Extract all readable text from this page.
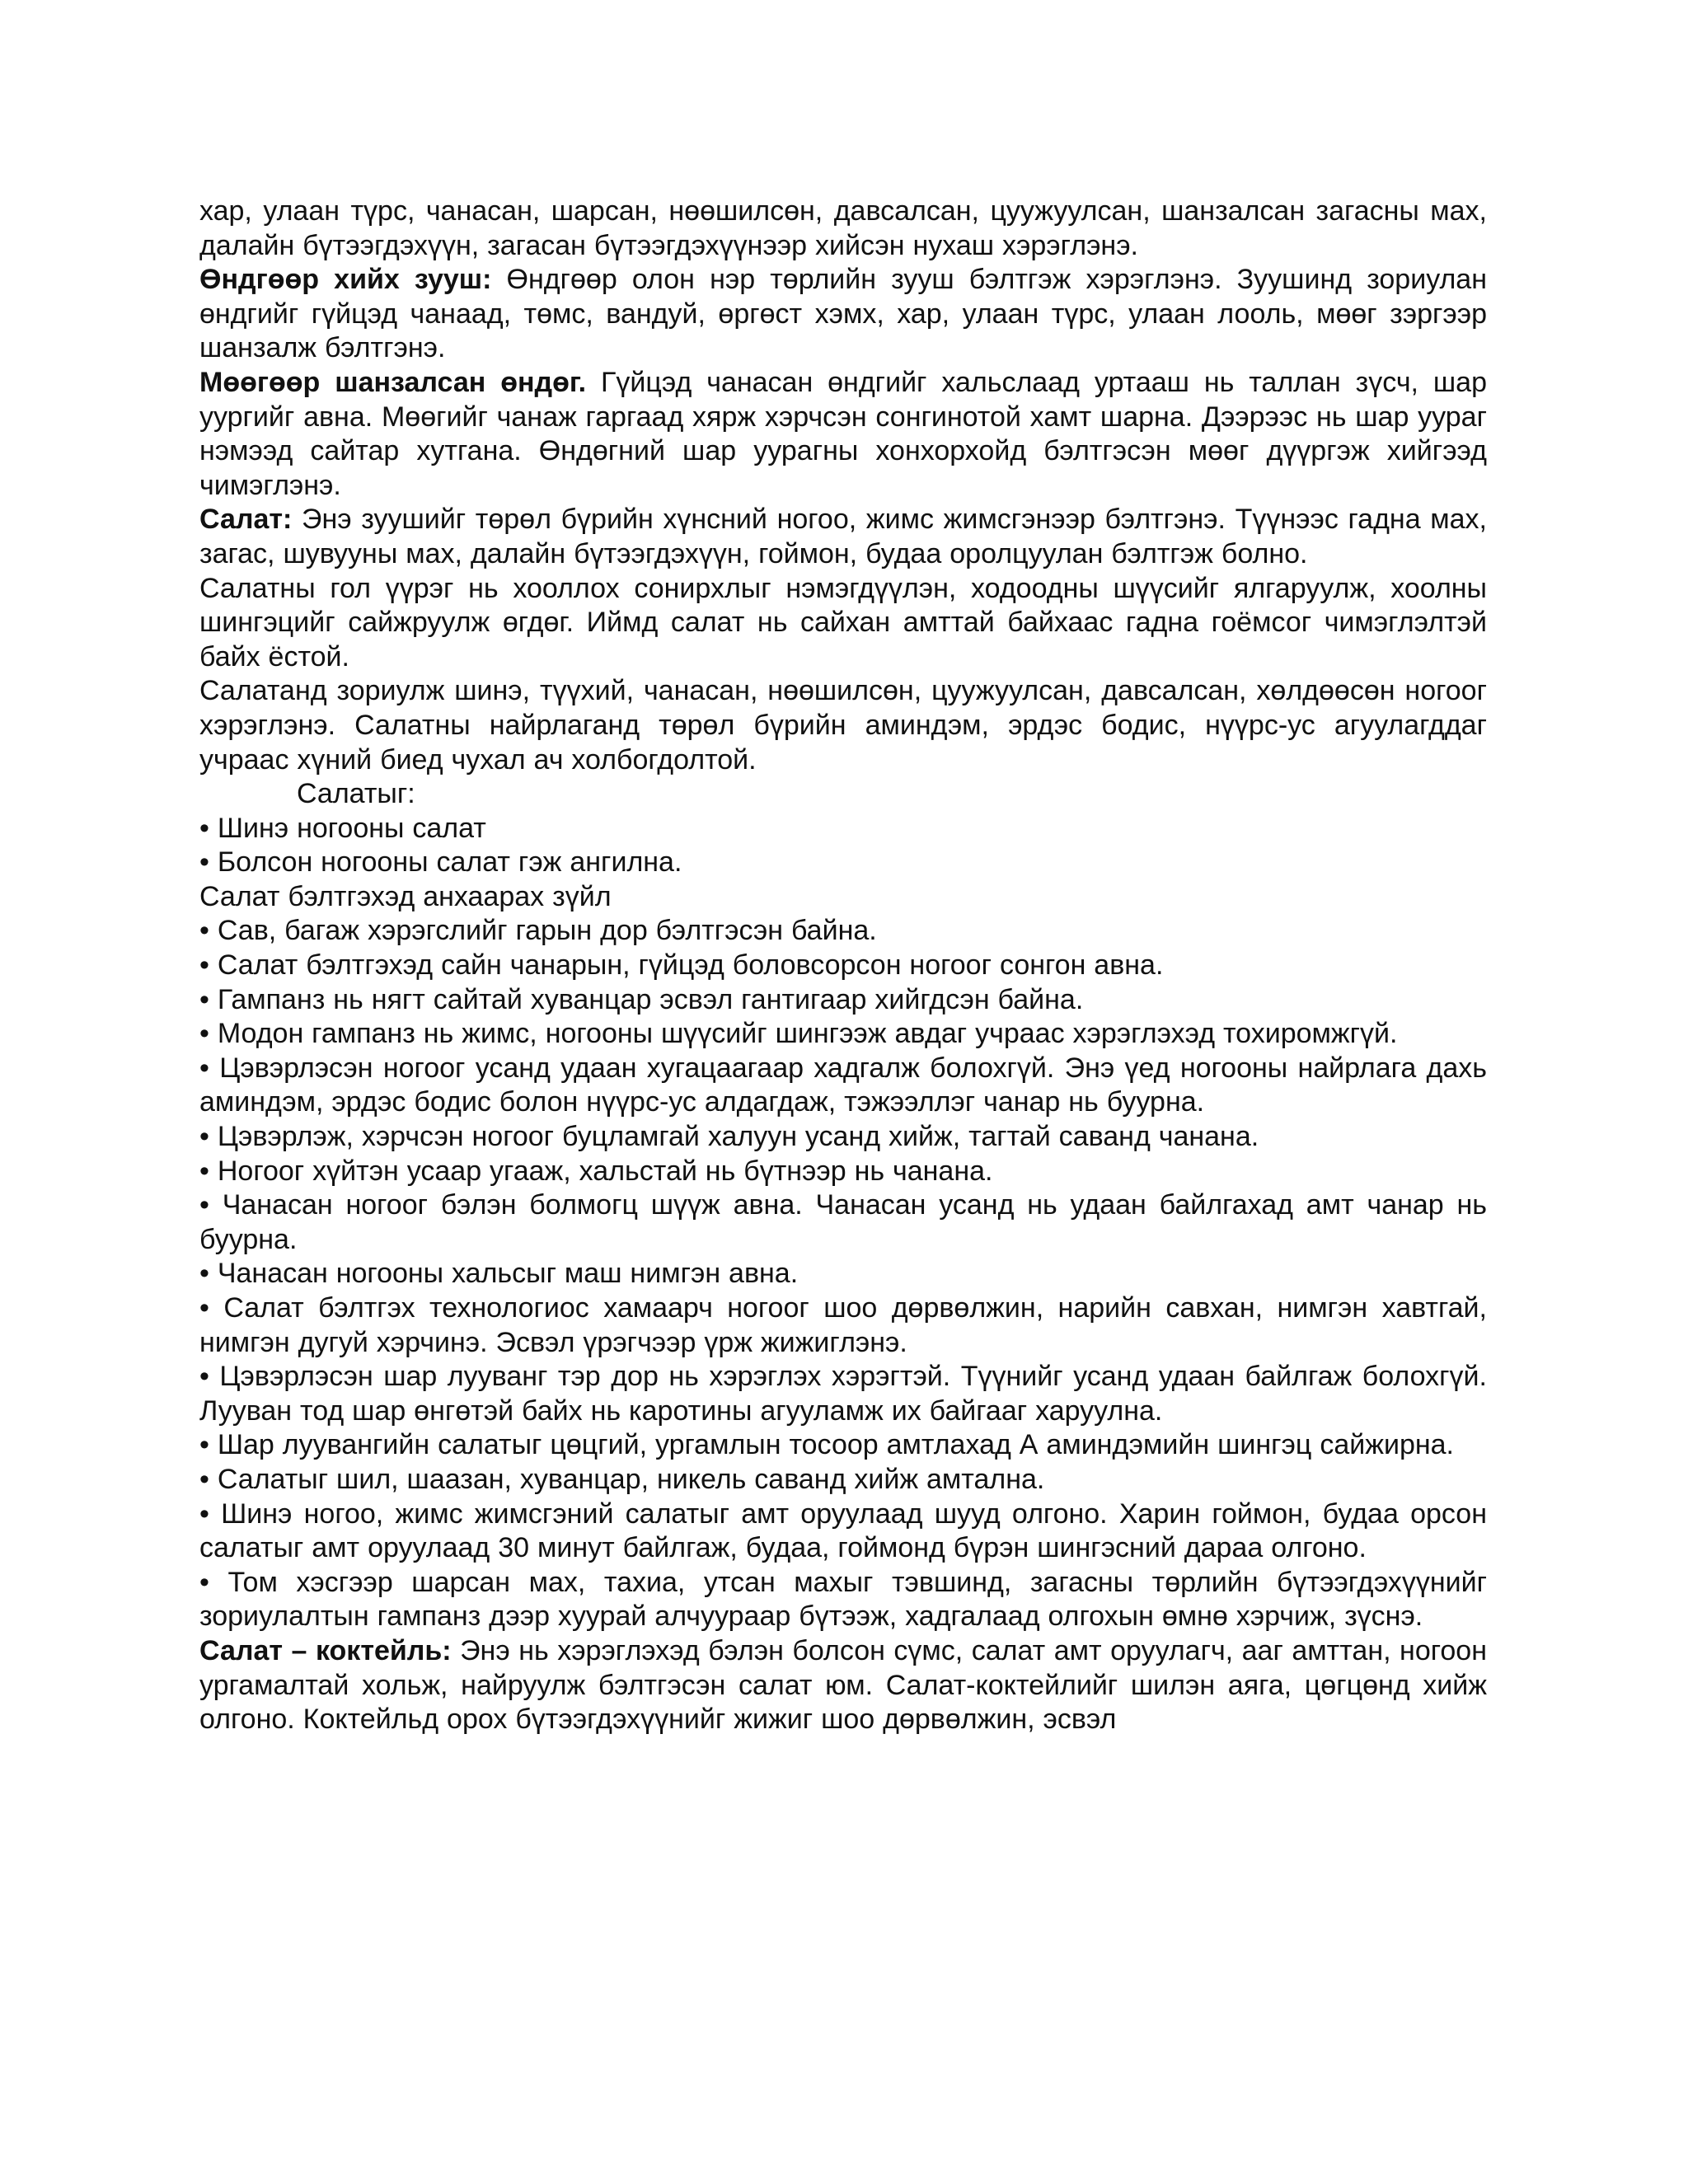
хар, улаан түрс, чанасан, шарсан, нөөшилсөн, давсалсан, цуужуулсан, шанзалсан загасны мах, далайн бүтээгдэхүүн, загасан бүтээгдэхүүнээр хийсэн нухаш хэрэглэнэ.

Өндгөөр хийх зууш: Өндгөөр олон нэр төрлийн зууш бэлтгэж хэрэглэнэ. Зуушинд зориулан өндгийг гүйцэд чанаад, төмс, вандуй, өргөст хэмх, хар, улаан түрс, улаан лооль, мөөг зэргээр шанзалж бэлтгэнэ.

Мөөгөөр шанзалсан өндөг. Гүйцэд чанасан өндгийг хальслаад уртааш нь таллан зүсч, шар уургийг авна. Мөөгийг чанаж гаргаад хярж хэрчсэн сонгинотой хамт шарна. Дээрээс нь шар уураг нэмээд сайтар хутгана. Өндөгний шар уурагны хонхорхойд бэлтгэсэн мөөг дүүргэж хийгээд чимэглэнэ.

Салат: Энэ зуушийг төрөл бүрийн хүнсний ногоо, жимс жимсгэнээр бэлтгэнэ. Түүнээс гадна мах, загас, шувууны мах, далайн бүтээгдэхүүн, гоймон, будаа оролцуулан бэлтгэж болно.

Салатны гол үүрэг нь хооллох сонирхлыг нэмэгдүүлэн, ходоодны шүүсийг ялгаруулж, хоолны шингэцийг сайжруулж өгдөг. Иймд салат нь сайхан амттай байхаас гадна гоёмсог чимэглэлтэй байх ёстой.

Салатанд зориулж шинэ, түүхий, чанасан, нөөшилсөн, цуужуулсан, давсалсан, хөлдөөсөн ногоог хэрэглэнэ. Салатны найрлаганд төрөл бүрийн аминдэм, эрдэс бодис, нүүрс-ус агуулагддаг учраас хүний биед чухал ач холбогдолтой.

Салатыг:

• Шинэ ногооны салат

• Болсон ногооны салат гэж ангилна.

Салат бэлтгэхэд анхаарах зүйл

• Сав, багаж хэрэгслийг гарын дор бэлтгэсэн байна.

• Салат бэлтгэхэд сайн чанарын, гүйцэд боловсорсон ногоог сонгон авна.

• Гампанз нь нягт сайтай хуванцар эсвэл гантигаар хийгдсэн байна.

• Модон гампанз нь жимс, ногооны шүүсийг шингээж авдаг учраас хэрэглэхэд тохиромжгүй.

• Цэвэрлэсэн ногоог усанд удаан хугацаагаар хадгалж болохгүй. Энэ үед ногооны найрлага дахь аминдэм, эрдэс бодис болон нүүрс-ус алдагдаж, тэжээллэг чанар нь буурна.

• Цэвэрлэж, хэрчсэн ногоог буцламгай халуун усанд хийж, тагтай саванд чанана.

• Ногоог хүйтэн усаар угааж, хальстай нь бүтнээр нь чанана.

• Чанасан ногоог бэлэн болмогц шүүж авна. Чанасан усанд нь удаан байлгахад амт чанар нь буурна.

• Чанасан ногооны хальсыг маш нимгэн авна.

• Салат бэлтгэх технологиос хамаарч ногоог шоо дөрвөлжин, нарийн савхан, нимгэн хавтгай, нимгэн дугуй хэрчинэ. Эсвэл үрэгчээр үрж жижиглэнэ.

• Цэвэрлэсэн шар лууванг тэр дор нь хэрэглэх хэрэгтэй. Түүнийг усанд удаан байлгаж болохгүй. Лууван тод шар өнгөтэй байх нь каротины агууламж их байгааг харуулна.

• Шар луувангийн салатыг цөцгий, ургамлын тосоор амтлахад А аминдэмийн шингэц сайжирна.

• Салатыг шил, шаазан, хуванцар, никель саванд хийж амтална.

• Шинэ ногоо, жимс жимсгэний салатыг амт оруулаад шууд олгоно. Харин гоймон, будаа орсон салатыг амт оруулаад 30 минут байлгаж, будаа, гоймонд бүрэн шингэсний дараа олгоно.

• Том хэсгээр шарсан мах, тахиа, утсан махыг тэвшинд, загасны төрлийн бүтээгдэхүүнийг зориулалтын гампанз дээр хуурай алчуураар бүтээж, хадгалаад олгохын өмнө хэрчиж, зүснэ.

Салат – коктейль: Энэ нь хэрэглэхэд бэлэн болсон сүмс, салат амт оруулагч, ааг амттан, ногоон ургамалтай хольж, найруулж бэлтгэсэн салат юм. Салат-коктейлийг шилэн аяга, цөгцөнд хийж олгоно. Коктейльд орох бүтээгдэхүүнийг жижиг шоо дөрвөлжин, эсвэл
